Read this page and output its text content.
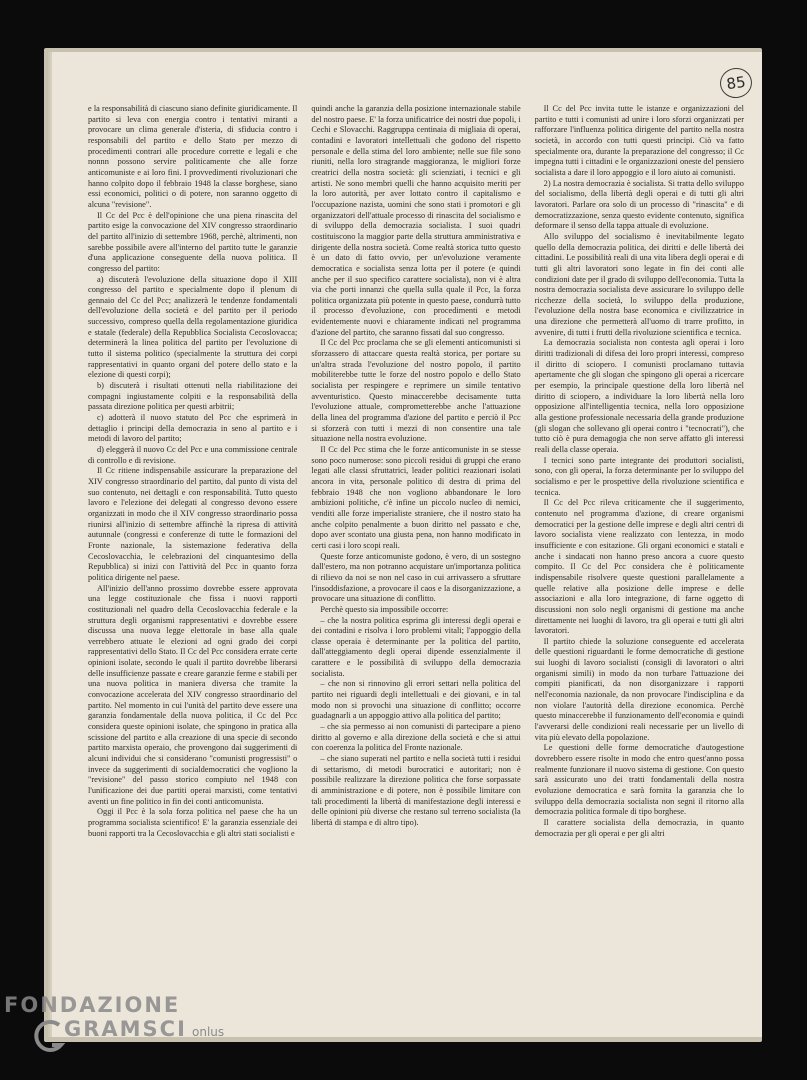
85

e la responsabilità di ciascuno siano definite giuridicamente. Il partito si leva con energia contro i tentativi miranti a provocare un clima generale d'isteria, di sfiducia contro i responsabili del partito e dello Stato per mezzo di procedimenti contrari alle procedure corrette e legali e che nonnn possono servire politicamente che alle forze anticomuniste e ai loro fini. I provvedimenti rivoluzionari che hanno colpito dopo il febbraio 1948 la classe borghese, siano essi economici, politici o di potere, non saranno oggetto di alcuna "revisione".

Il Cc del Pcc è dell'opinione che una piena rinascita del partito esige la convocazione del XIV congresso straordinario del partito all'inizio di settembre 1968, perchè, altrimenti, non sarebbe possibile avere all'interno del partito tutte le garanzie d'una applicazione conseguente della nuova politica. Il congresso del partito:

a) discuterà l'evoluzione della situazione dopo il XIII congresso del partito e specialmente dopo il plenum di gennaio del Cc del Pcc; analizzerà le tendenze fondamentali dell'evoluzione della società e del partito per il periodo successivo, compreso quella della regolamentazione giuridica e statale (federale) della Repubblica Socialista Cecoslovacca; determinerà la linea politica del partito per l'evoluzione di tutto il sistema politico (specialmente la struttura dei corpi rappresentativi in quanto organi del potere dello stato e la elezione di questi corpi);

b) discuterà i risultati ottenuti nella riabilitazione dei compagni ingiustamente colpiti e la responsabilità della passata direzione politica per questi arbitrii;

c) adotterà il nuovo statuto del Pcc che esprimerà in dettaglio i principi della democrazia in seno al partito e i metodi di lavoro del partito;

d) eleggerà il nuovo Cc del Pcc e una commissione centrale di controllo e di revisione.

Il Cc ritiene indispensabile assicurare la preparazione del XIV congresso straordinario del partito, dal punto di vista del suo contenuto, nei dettagli e con responsabilità. Tutto questo lavoro e l'elezione dei delegati al congresso devono essere organizzati in modo che il XIV congresso straordinario possa riunirsi all'inizio di settembre affinchè la ripresa di attività autunnale (congressi e conferenze di tutte le formazioni del Fronte nazionale, la sistemazione federativa della Cecoslovacchia, le celebrazioni del cinquantesimo della Repubblica) si inizi con l'attività del Pcc in quanto forza politica dirigente nel paese.

All'inizio dell'anno prossimo dovrebbe essere approvata una legge costituzionale che fissa i nuovi rapporti costituzionali nel quadro della Cecoslovacchia federale e la struttura degli organismi rappresentativi e dovrebbe essere discussa una nuova legge elettorale in base alla quale verrebbero attuate le elezioni ad ogni grado dei corpi rappresentativi dello Stato. Il Cc del Pcc considera errate certe opinioni isolate, secondo le quali il partito dovrebbe liberarsi delle insufficienze passate e creare garanzie ferme e stabili per una nuova politica in maniera diversa che tramite la convocazione accelerata del XIV congresso straordinario del partito. Nel momento in cui l'unità del partito deve essere una garanzia fondamentale della nuova politica, il Cc del Pcc considera queste opinioni isolate, che spingono in pratica alla scissione del partito e alla creazione di una specie di secondo partito marxista operaio, che provengono dai suggerimenti di alcuni individui che si considerano "comunisti progressisti" o invece da suggerimenti di socialdemocratici che vogliono la "revisione" del passo storico compiuto nel 1948 con l'unificazione dei due partiti operai marxisti, come tentativi aventi un fine politico in fin dei conti anticomunista.

Oggi il Pcc è la sola forza politica nel paese che ha un programma socialista scientifico! E' la garanzia essenziale dei buoni rapporti tra la Cecoslovacchia e gli altri stati socialisti e

quindi anche la garanzia della posizione internazionale stabile del nostro paese. E' la forza unificatrice dei nostri due popoli, i Cechi e Slovacchi. Raggruppa centinaia di migliaia di operai, contadini e lavoratori intellettuali che godono del rispetto personale e della stima del loro ambiente; nelle sue file sono riuniti, nella loro stragrande maggioranza, le migliori forze creatrici della nostra società: gli scienziati, i tecnici e gli artisti. Ne sono membri quelli che hanno acquisito meriti per la loro autorità, per aver lottato contro il capitalismo e l'occupazione nazista, uomini che sono stati i promotori e gli organizzatori dell'attuale processo di rinascita del socialismo e di sviluppo della democrazia socialista. I suoi quadri costituiscono la maggior parte della struttura amministrativa e dirigente della nostra società. Come realtà storica tutto questo è un dato di fatto ovvio, per un'evoluzione veramente democratica e socialista senza lotta per il potere (e quindi anche per il suo specifico carattere socialista), non vi è altra via che porti innanzi che quella sulla quale il Pcc, la forza politica organizzata più potente in questo paese, condurrà tutto il processo d'evoluzione, con procedimenti e metodi evidentemente nuovi e chiaramente indicati nel programma d'azione del partito, che saranno fissati dal suo congresso.

Il Cc del Pcc proclama che se gli elementi anticomunisti si sforzassero di attaccare questa realtà storica, per portare su un'altra strada l'evoluzione del nostro popolo, il partito mobiliterebbe tutte le forze del nostro popolo e dello Stato socialista per respingere e reprimere un simile tentativo avventuristico. Questo minaccerebbe decisamente tutta l'evoluzione attuale, comprometterebbe anche l'attuazione della linea del programma d'azione del partito e perciò il Pcc si sforzerà con tutti i mezzi di non consentire una tale situazione nella nostra evoluzione.

Il Cc del Pcc stima che le forze anticomuniste in se stesse sono poco numerose: sono piccoli residui di gruppi che erano legati alle classi sfruttatrici, leader politici reazionari isolati ancora in vita, personale politico di destra di prima del febbraio 1948 che non vogliono abbandonare le loro ambizioni politiche, c'è infine un piccolo nucleo di nemici, venditi alle forze imperialiste straniere, che il nostro stato ha anche colpito penalmente a buon diritto nel passato e che, dopo aver scontato una giusta pena, non hanno modificato in certi casi i loro scopi reali.

Queste forze anticomuniste godono, è vero, di un sostegno dall'estero, ma non potranno acquistare un'importanza politica di rilievo da noi se non nel caso in cui arrivassero a sfruttare l'insoddisfazione, a provocare il caos e la disorganizzazione, a provocare una situazione di conflitto.

Perchè questo sia impossibile occorre:

– che la nostra politica esprima gli interessi degli operai e dei contadini e risolva i loro problemi vitali; l'appoggio della classe operaia è determinante per la politica del partito, dall'atteggiamento degli operai dipende essenzialmente il carattere e le possibilità di sviluppo della democrazia socialista.

– che non si rinnovino gli errori settari nella politica del partito nei riguardi degli intellettuali e dei giovani, e in tal modo non si provochi una situazione di conflitto; occorre guadagnarli a un appoggio attivo alla politica del partito;

– che sia permesso ai non comunisti di partecipare a pieno diritto al governo e alla direzione della società e che si attui con coerenza la politica del Fronte nazionale.

– che siano superati nel partito e nella società tutti i residui di settarismo, di metodi burocratici e autoritari; non è possibile realizzare la direzione politica che forse sorpassate di amministrazione e di potere, non è possibile limitare con tali procedimenti la libertà di manifestazione degli interessi e delle opinioni più diverse che restano sul terreno socialista (la libertà di stampa e di altro tipo).

Il Cc del Pcc invita tutte le istanze e organizzazioni del partito e tutti i comunisti ad unire i loro sforzi organizzati per rafforzare l'influenza politica dirigente del partito nella nostra società, in accordo con tutti questi principi. Ciò va fatto specialmente ora, durante la preparazione del congresso; il Cc impegna tutti i cittadini e le organizzazioni oneste del pensiero socialista a dare il loro appoggio e il loro aiuto ai comunisti.

2) La nostra democrazia è socialista. Si tratta dello sviluppo del socialismo, della libertà degli operai e di tutti gli altri lavoratori. Parlare ora solo di un processo di "rinascita" e di democratizzazione, senza questo evidente contenuto, significa deformare il senso della tappa attuale di evoluzione.

Allo sviluppo del socialismo è inevitabilmente legato quello della democrazia politica, dei diritti e delle libertà dei cittadini. Le possibilità reali di una vita libera degli operai e di tutti gli altri lavoratori sono legate in fin dei conti alle condizioni date per il grado di sviluppo dell'economia. Tutta la nostra democrazia socialista deve assicurare lo sviluppo delle ricchezze della società, lo sviluppo della produzione, l'evoluzione della nostra base economica e civilizzatrice in una direzione che permetterà all'uomo di trarre profitto, in avvenire, di tutti i frutti della rivoluzione scientifica e tecnica.

La democrazia socialista non contesta agli operai i loro diritti tradizionali di difesa dei loro propri interessi, compreso il diritto di sciopero. I comunisti proclamano tuttavia apertamente che gli slogan che spingono gli operai a ricercare per esempio, la principale questione della loro libertà nel diritto di sciopero, a individuare la loro libertà nella loro opposizione all'intelligentia tecnica, nella loro opposizione alla gestione professionale necessaria della grande produzione (gli slogan che sollevano gli operai contro i "tecnocrati"), che tutto ciò è pura demagogia che non serve affatto gli interessi reali della classe operaia.

I tecnici sono parte integrante dei produttori socialisti, sono, con gli operai, la forza determinante per lo sviluppo del socialismo e per le prospettive della rivoluzione scientifica e tecnica.

Il Cc del Pcc rileva criticamente che il suggerimento, contenuto nel programma d'azione, di creare organismi democratici per la gestione delle imprese e degli altri centri di lavoro socialista viene realizzato con lentezza, in modo insufficiente e con esitazione. Gli organi economici e statali e anche i sindacati non hanno preso ancora a cuore questo compito. Il Cc del Pcc considera che è politicamente indispensabile risolvere queste questioni parallelamente a quelle relative alla posizione delle imprese e delle associazioni e alla loro integrazione, di farne oggetto di discussioni non solo negli organismi di gestione ma anche direttamente nei luoghi di lavoro, tra gli operai e tutti gli altri lavoratori.

Il partito chiede la soluzione conseguente ed accelerata delle questioni riguardanti le forme democratiche di gestione sui luoghi di lavoro socialisti (consigli di lavoratori o altri organismi simili) in modo da non turbare l'attuazione dei compiti pianificati, da non disorganizzare i rapporti nell'economia nazionale, da non provocare l'indisciplina e da non violare l'autorità della direzione economica. Perchè questo minaccerebbe il funzionamento dell'economia e quindi l'avverarsi delle condizioni reali necessarie per un livello di vita più elevato della popolazione.

Le questioni delle forme democratiche d'autogestione dovrebbero essere risolte in modo che entro quest'anno possa realmente funzionare il nuovo sistema di gestione. Con questo sarà assicurato uno dei tratti fondamentali della nostra evoluzione democratica e sarà fornita la garanzia che lo sviluppo della democrazia socialista non segni il ritorno alla democrazia politica formale di tipo borghese.

Il carattere socialista della democrazia, in quanto democrazia per gli operai e per gli altri

FONDAZIONE
GRAMSCI onlus
